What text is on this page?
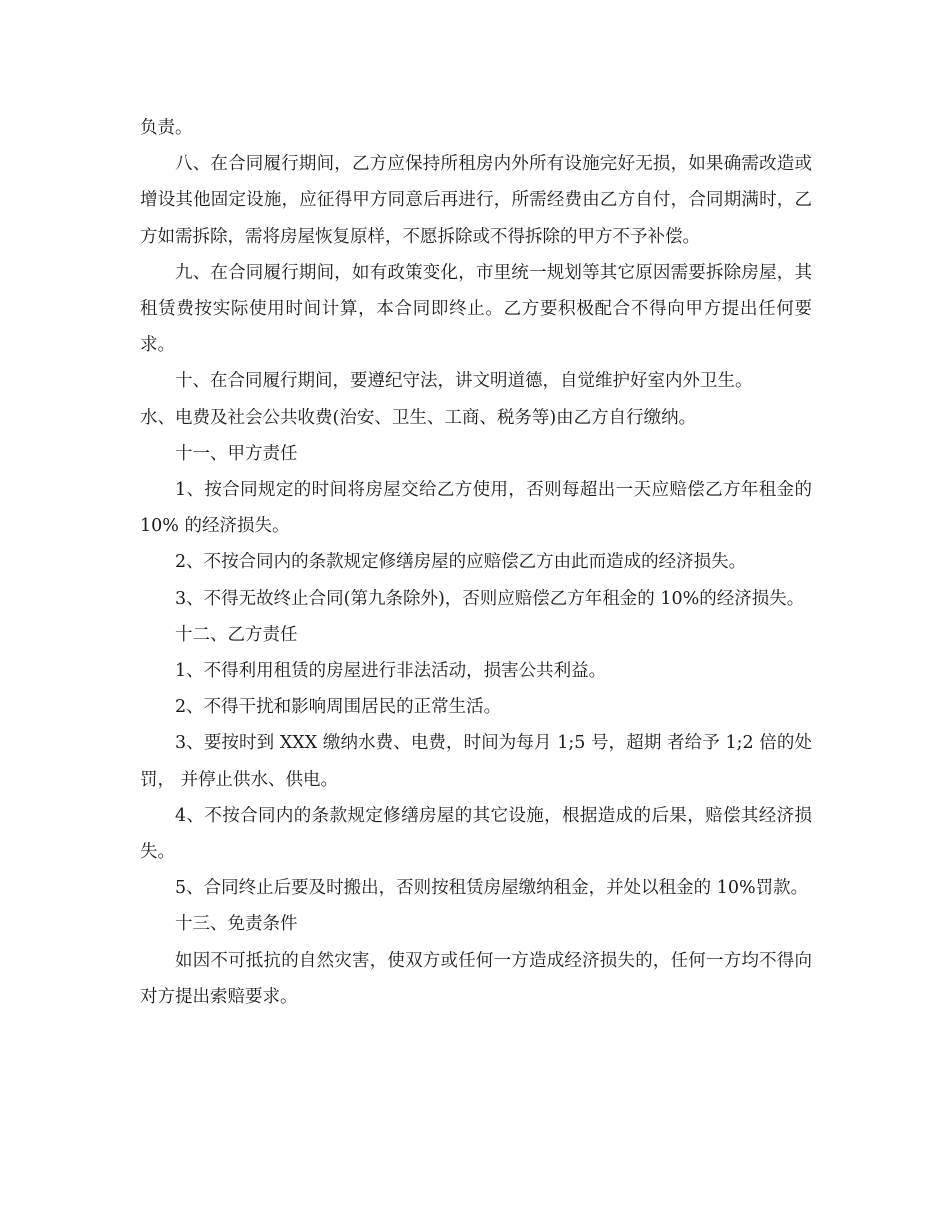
负责。

八、在合同履行期间，乙方应保持所租房内外所有设施完好无损，如果确需改造或增设其他固定设施，应征得甲方同意后再进行，所需经费由乙方自付，合同期满时，乙方如需拆除，需将房屋恢复原样，不愿拆除或不得拆除的甲方不予补偿。

九、在合同履行期间，如有政策变化，市里统一规划等其它原因需要拆除房屋，其租赁费按实际使用时间计算，本合同即终止。乙方要积极配合不得向甲方提出任何要求。

十、在合同履行期间，要遵纪守法，讲文明道德，自觉维护好室内外卫生。

水、电费及社会公共收费(治安、卫生、工商、税务等)由乙方自行缴纳。

十一、甲方责任

1、按合同规定的时间将房屋交给乙方使用，否则每超出一天应赔偿乙方年租金的 10% 的经济损失。

2、不按合同内的条款规定修缮房屋的应赔偿乙方由此而造成的经济损失。

3、不得无故终止合同(第九条除外)，否则应赔偿乙方年租金的 10%的经济损失。

十二、乙方责任

1、不得利用租赁的房屋进行非法活动，损害公共利益。

2、不得干扰和影响周围居民的正常生活。

3、要按时到 XXX 缴纳水费、电费，时间为每月 1;5 号，超期 者给予 1;2 倍的处罚， 并停止供水、供电。

4、不按合同内的条款规定修缮房屋的其它设施，根据造成的后果，赔偿其经济损失。

5、合同终止后要及时搬出，否则按租赁房屋缴纳租金，并处以租金的 10%罚款。

十三、免责条件

如因不可抵抗的自然灾害，使双方或任何一方造成经济损失的，任何一方均不得向对方提出索赔要求。
